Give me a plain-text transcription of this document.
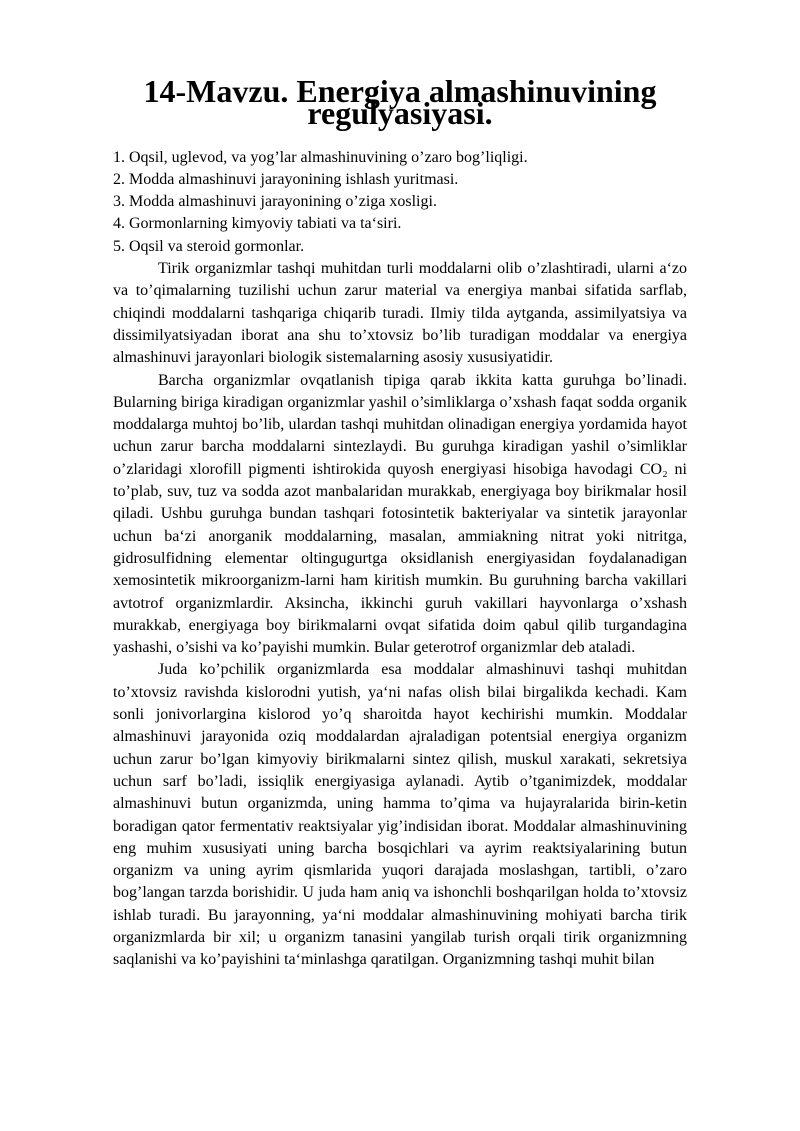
14-Mavzu. Energiya almashinuvining regulyasiyasi.
1. Oqsil, uglevod, va yog’lar almashinuvining o’zaro bog’liqligi.
2. Modda almashinuvi jarayonining ishlash yuritmasi.
3. Modda almashinuvi jarayonining o’ziga xosligi.
4. Gormonlarning kimyoviy tabiati va ta‘siri.
5. Oqsil va steroid gormonlar.

Tirik organizmlar tashqi muhitdan turli moddalarni olib o’zlashtiradi, ularni a‘zo va to’qimalarning tuzilishi uchun zarur material va energiya manbai sifatida sarflab, chiqindi moddalarni tashqariga chiqarib turadi. Ilmiy tilda aytganda, assimilyatsiya va dissimilyatsiyadan iborat ana shu to’xtovsiz bo’lib turadigan moddalar va energiya almashinuvi jarayonlari biologik sistemalarning asosiy xususiyatidir.

Barcha organizmlar ovqatlanish tipiga qarab ikkita katta guruhga bo’linadi. Bularning biriga kiradigan organizmlar yashil o’simliklarga o’xshash faqat sodda organik moddalarga muhtoj bo’lib, ulardan tashqi muhitdan olinadigan energiya yordamida hayot uchun zarur barcha moddalarni sintezlaydi. Bu guruhga kiradigan yashil o’simliklar o’zlaridagi xlorofill pigmenti ishtirokida quyosh energiyasi hisobiga havodagi CO₂ ni to’plab, suv, tuz va sodda azot manbalaridan murakkab, energiyaga boy birikmalar hosil qiladi. Ushbu guruhga bundan tashqari fotosintetik bakteriyalar va sintetik jarayonlar uchun ba‘zi anorganik moddalarning, masalan, ammiakning nitrat yoki nitritga, gidrosulfidning elementar oltingugurtga oksidlanish energiyasidan foydalanadigan xemosintetik mikroorganizm-larni ham kiritish mumkin. Bu guruhning barcha vakillari avtotrof organizmlardir. Aksincha, ikkinchi guruh vakillari hayvonlarga o’xshash murakkab, energiyaga boy birikmalarni ovqat sifatida doim qabul qilib turgandagina yashashi, o’sishi va ko’payishi mumkin. Bular geterotrof organizmlar deb ataladi.

Juda ko’pchilik organizmlarda esa moddalar almashinuvi tashqi muhitdan to’xtovsiz ravishda kislorodni yutish, ya‘ni nafas olish bilai birgalikda kechadi. Kam sonli jonivorlargina kislorod yo’q sharoitda hayot kechirishi mumkin. Moddalar almashinuvi jarayonida oziq moddalardan ajraladigan potentsial energiya organizm uchun zarur bo’lgan kimyoviy birikmalarni sintez qilish, muskul xarakati, sekretsiya uchun sarf bo’ladi, issiqlik energiyasiga aylanadi. Aytib o’tganimizdek, moddalar almashinuvi butun organizmda, uning hamma to’qima va hujayralarida birin-ketin boradigan qator fermentativ reaktsiyalar yig’indisidan iborat. Moddalar almashinuvining eng muhim xususiyati uning barcha bosqichlari va ayrim reaktsiyalarining butun organizm va uning ayrim qismlarida yuqori darajada moslashgan, tartibli, o’zaro bog’langan tarzda borishidir. U juda ham aniq va ishonchli boshqarilgan holda to’xtovsiz ishlab turadi. Bu jarayonning, ya‘ni moddalar almashinuvining mohiyati barcha tirik organizmlarda bir xil; u organizm tanasini yangilab turish orqali tirik organizmning saqlanishi va ko’payishini ta‘minlashga qaratilgan. Organizmning tashqi muhit bilan
